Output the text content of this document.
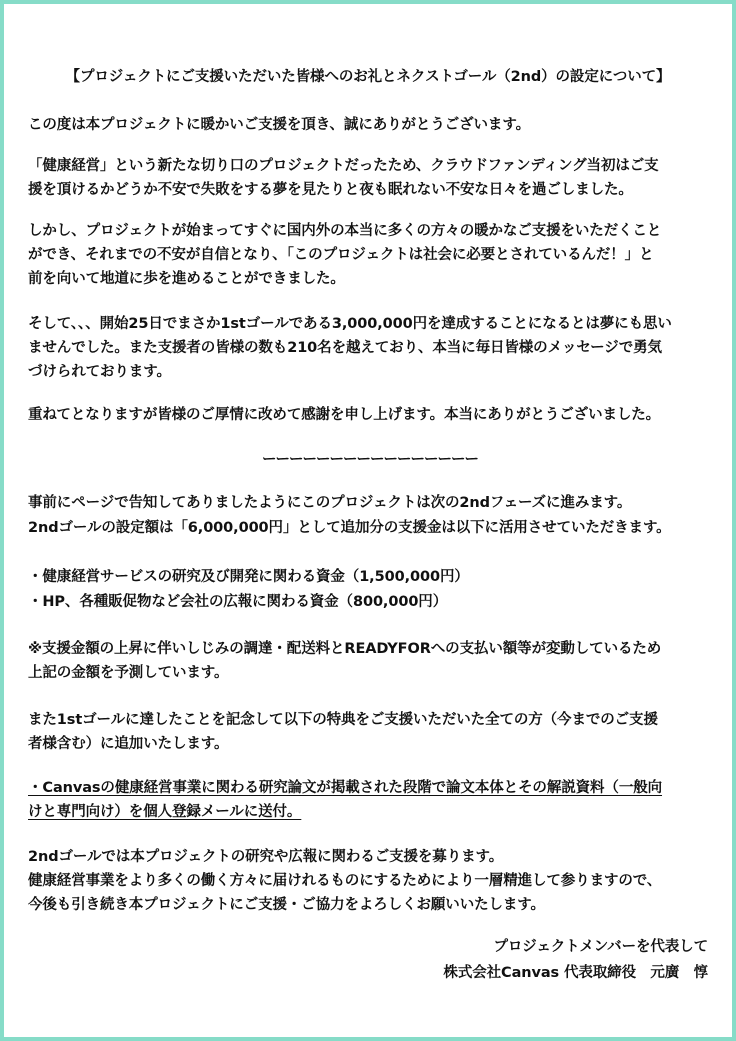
【プロジェクトにご支援いただいた皆様へのお礼とネクストゴール（2nd）の設定について】
この度は本プロジェクトに暖かいご支援を頂き、誠にありがとうございます。
「健康経営」という新たな切り口のプロジェクトだったため、クラウドファンディング当初はご支
援を頂けるかどうか不安で失敗をする夢を見たりと夜も眠れない不安な日々を過ごしました。
しかし、プロジェクトが始まってすぐに国内外の本当に多くの方々の暖かなご支援をいただくこと
ができ、それまでの不安が自信となり、「このプロジェクトは社会に必要とされているんだ！」と
前を向いて地道に歩を進めることができました。
そして、、、開始25日でまさか1stゴールである3,000,000円を達成することになるとは夢にも思い
ませんでした。また支援者の皆様の数も210名を越えており、本当に毎日皆様のメッセージで勇気
づけられております。
重ねてとなりますが皆様のご厚情に改めて感謝を申し上げます。本当にありがとうございました。
ーーーーーーーーーーーーーーーー
事前にページで告知してありましたようにこのプロジェクトは次の2ndフェーズに進みます。
2ndゴールの設定額は「6,000,000円」として追加分の支援金は以下に活用させていただきます。
・健康経営サービスの研究及び開発に関わる資金（1,500,000円）
・HP、各種販促物など会社の広報に関わる資金（800,000円）
※支援金額の上昇に伴いしじみの調達・配送料とREADYFORへの支払い額等が変動しているため
上記の金額を予測しています。
また1stゴールに達したことを記念して以下の特典をご支援いただいた全ての方（今までのご支援
者様含む）に追加いたします。
・Canvasの健康経営事業に関わる研究論文が掲載された段階で論文本体とその解説資料（一般向
けと専門向け）を個人登録メールに送付。
2ndゴールでは本プロジェクトの研究や広報に関わるご支援を募ります。
健康経営事業をより多くの働く方々に届けれるものにするためにより一層精進して参りますので、
今後も引き続き本プロジェクトにご支援・ご協力をよろしくお願いいたします。
プロジェクトメンバーを代表して
株式会社Canvas 代表取締役　元廣　惇
